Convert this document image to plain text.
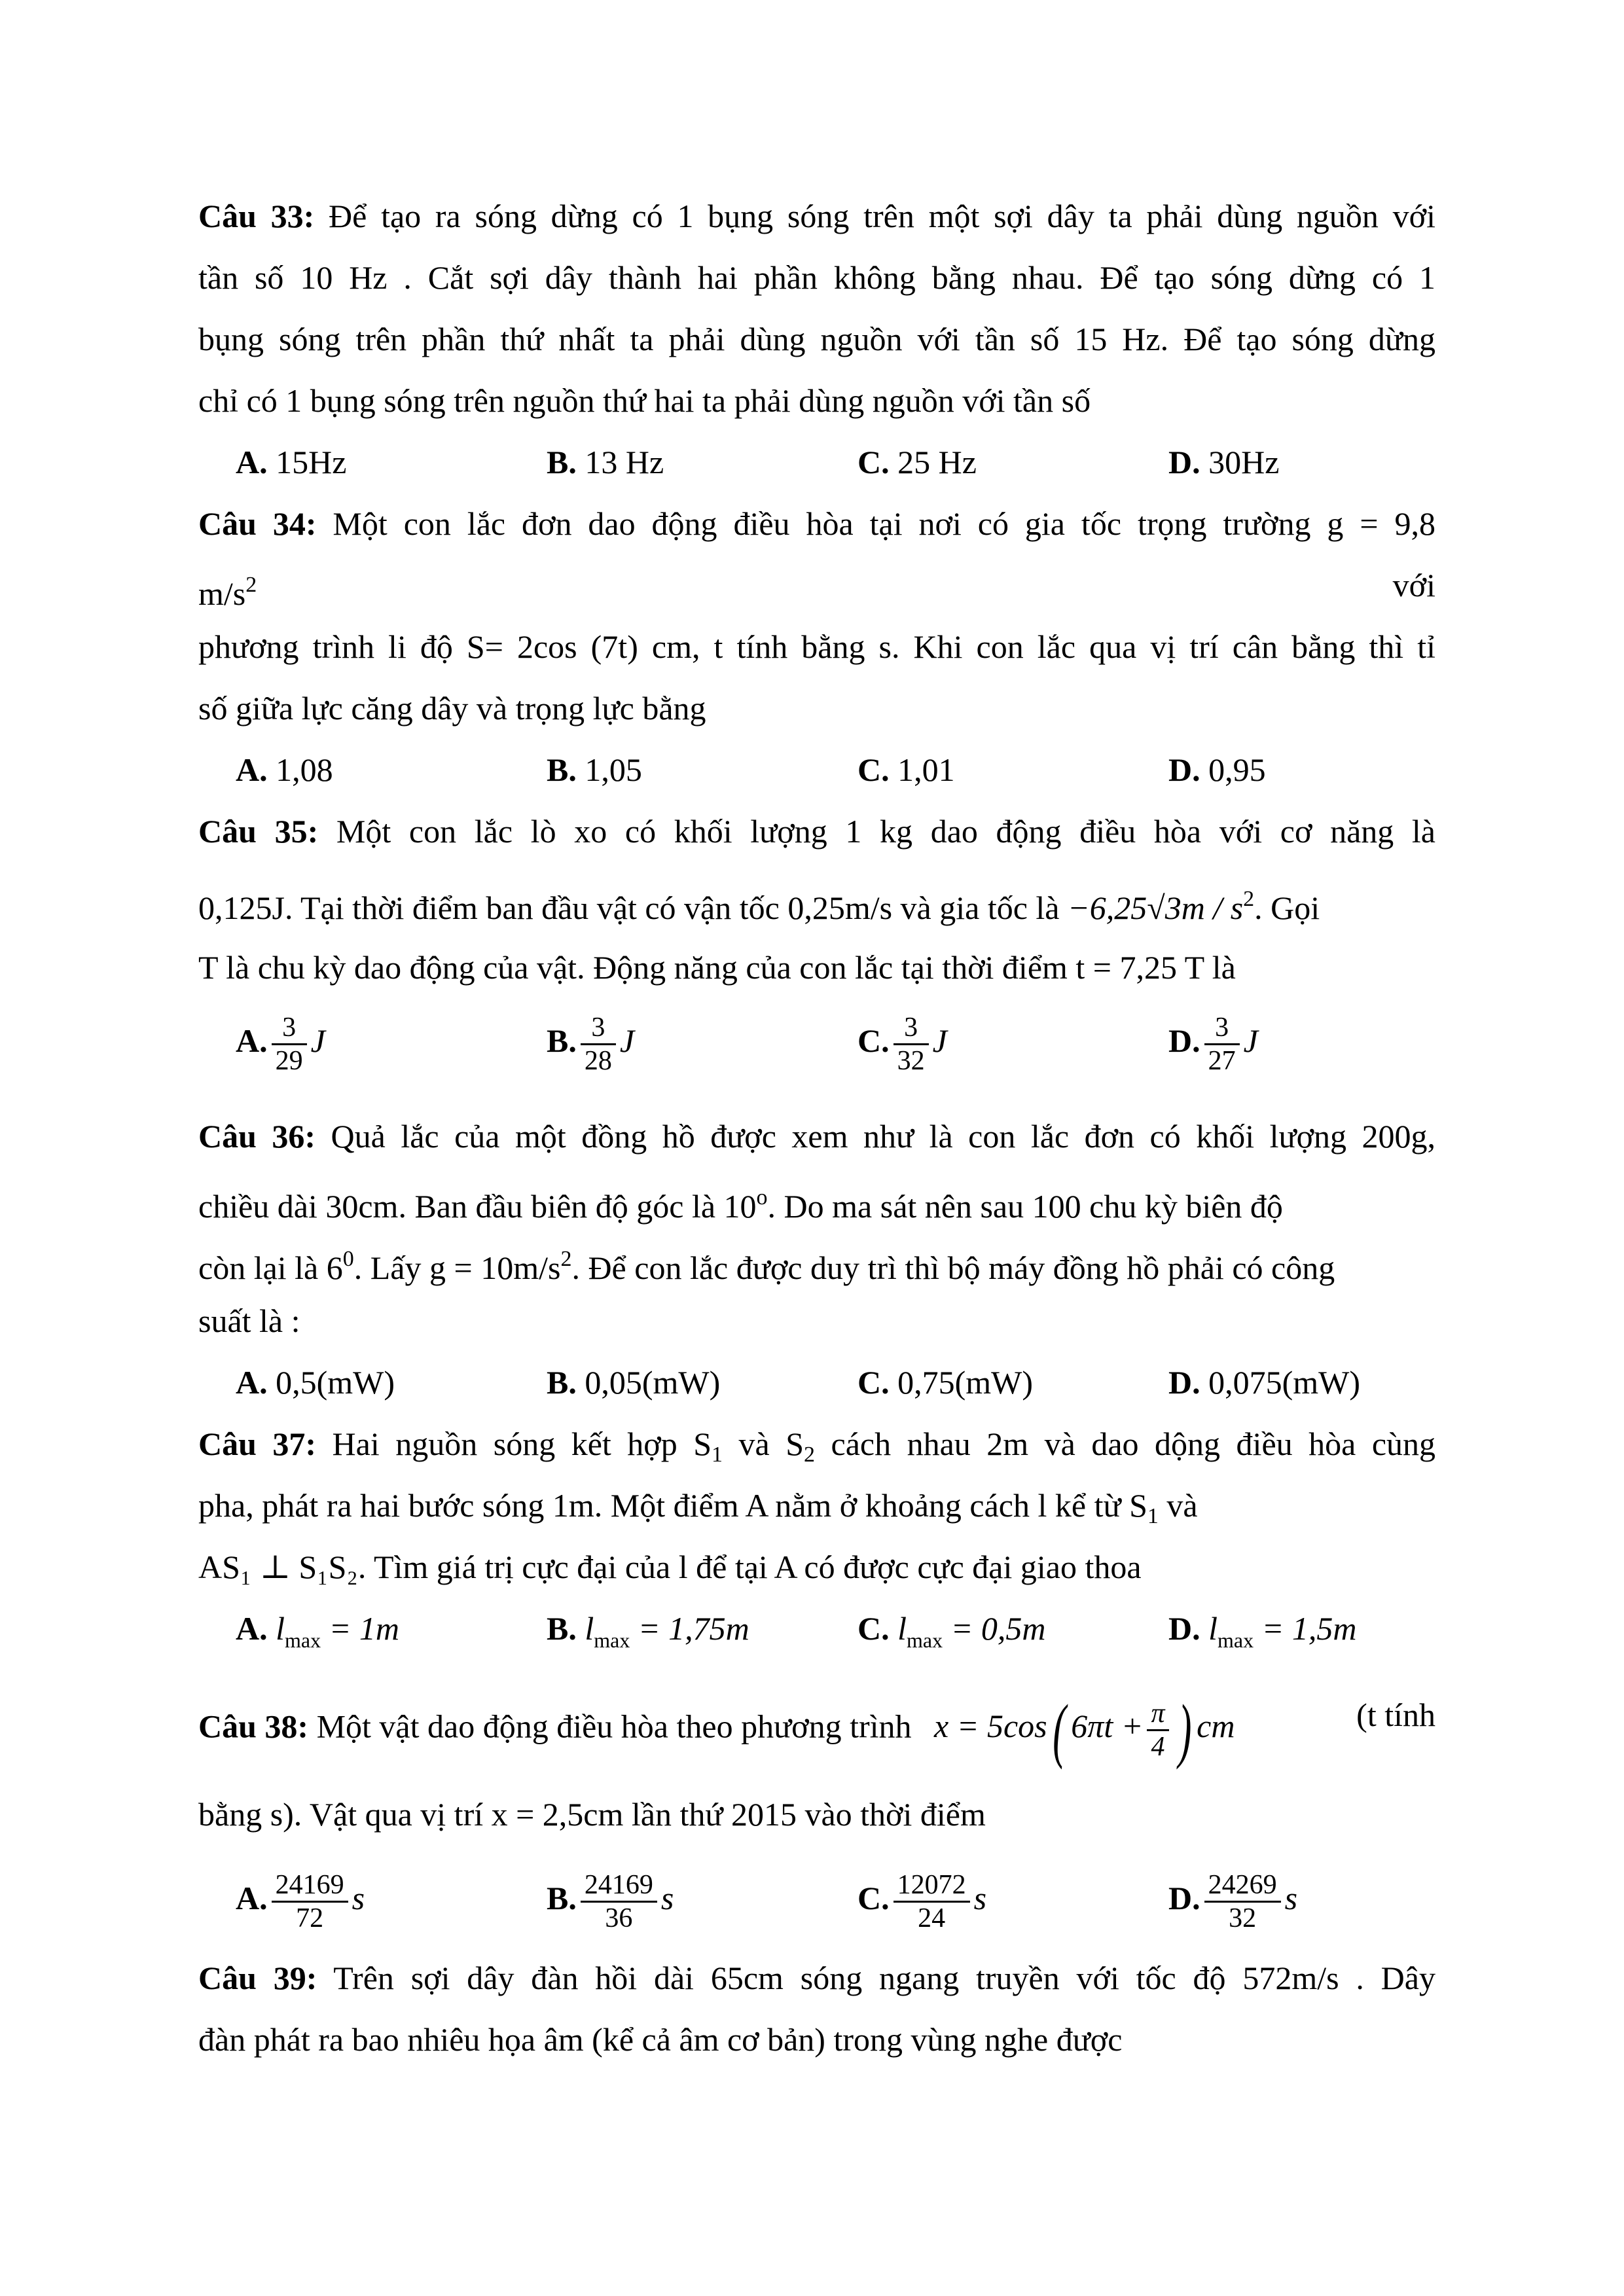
Câu 33: Để tạo ra sóng dừng có 1 bụng sóng trên một sợi dây ta phải dùng nguồn với
tần số 10 Hz . Cắt sợi dây thành hai phần không bằng nhau. Để tạo sóng dừng có 1
bụng sóng trên phần thứ nhất ta phải dùng nguồn với tần số 15 Hz. Để tạo sóng dừng
chỉ có 1 bụng sóng trên nguồn thứ hai ta phải dùng nguồn với tần số
A. 15Hz	B. 13 Hz	C. 25 Hz	D. 30Hz
Câu 34: Một con lắc đơn dao động điều hòa tại nơi có gia tốc trọng trường g = 9,8
$m/s^2$	với
phương trình li độ S= 2cos (7t) cm, t tính bằng s. Khi con lắc qua vị trí cân bằng thì tỉ
số giữa lực căng dây và trọng lực bằng
A. 1,08	B. 1,05	C. 1,01	D. 0,95
Câu 35: Một con lắc lò xo có khối lượng 1 kg dao động điều hòa với cơ năng là
0,125J. Tại thời điểm ban đầu vật có vận tốc 0,25m/s và gia tốc là $-6,25√3m / s^2$. Gọi
T là chu kỳ dao động của vật. Động năng của con lắc tại thời điểm t = 7,25 T là
A. $\frac{3}{29}$ J	B. $\frac{3}{28}$ J	C. $\frac{3}{32}$ J	D. $\frac{3}{27}$ J
Câu 36: Quả lắc của một đồng hồ được xem như là con lắc đơn có khối lượng 200g,
chiều dài 30cm. Ban đầu biên độ góc là 10$^o$. Do ma sát nên sau 100 chu kỳ biên độ
còn lại là $6^0$. Lấy $g = 10m/s^2$. Để con lắc được duy trì thì bộ máy đồng hồ phải có công
suất là :
A. 0,5(mW)	B. 0,05(mW)	C. 0,75(mW)	D. 0,075(mW)
Câu 37: Hai nguồn sóng kết hợp $S_1$ và $S_2$ cách nhau 2m và dao dộng điều hòa cùng
pha, phát ra hai bước sóng 1m. Một điểm A nằm ở khoảng cách l kể từ $S_1$ và
AS₁ ⊥ S₁S₂. Tìm giá trị cực đại của l để tại A có được cực đại giao thoa
A. $l_{max} = 1m$	B. $l_{max} = 1,75m$	C. $l_{max} = 0,5m$	D. $l_{max} = 1,5m$
Câu 38: Một vật dao động điều hòa theo phương trình x = 5cos( $6\pi t + \frac{\pi}{4}$ ) cm	(t tính
bằng s). Vật qua vị trí x = 2,5cm lần thứ 2015 vào thời điểm
A. $\frac{24169}{72}$ s	B. $\frac{24169}{36}$ s	C. $\frac{12072}{24}$ s	D. $\frac{24269}{32}$ s
Câu 39: Trên sợi dây đàn hồi dài 65cm sóng ngang truyền với tốc độ 572m/s . Dây
đàn phát ra bao nhiêu họa âm (kể cả âm cơ bản) trong vùng nghe được
